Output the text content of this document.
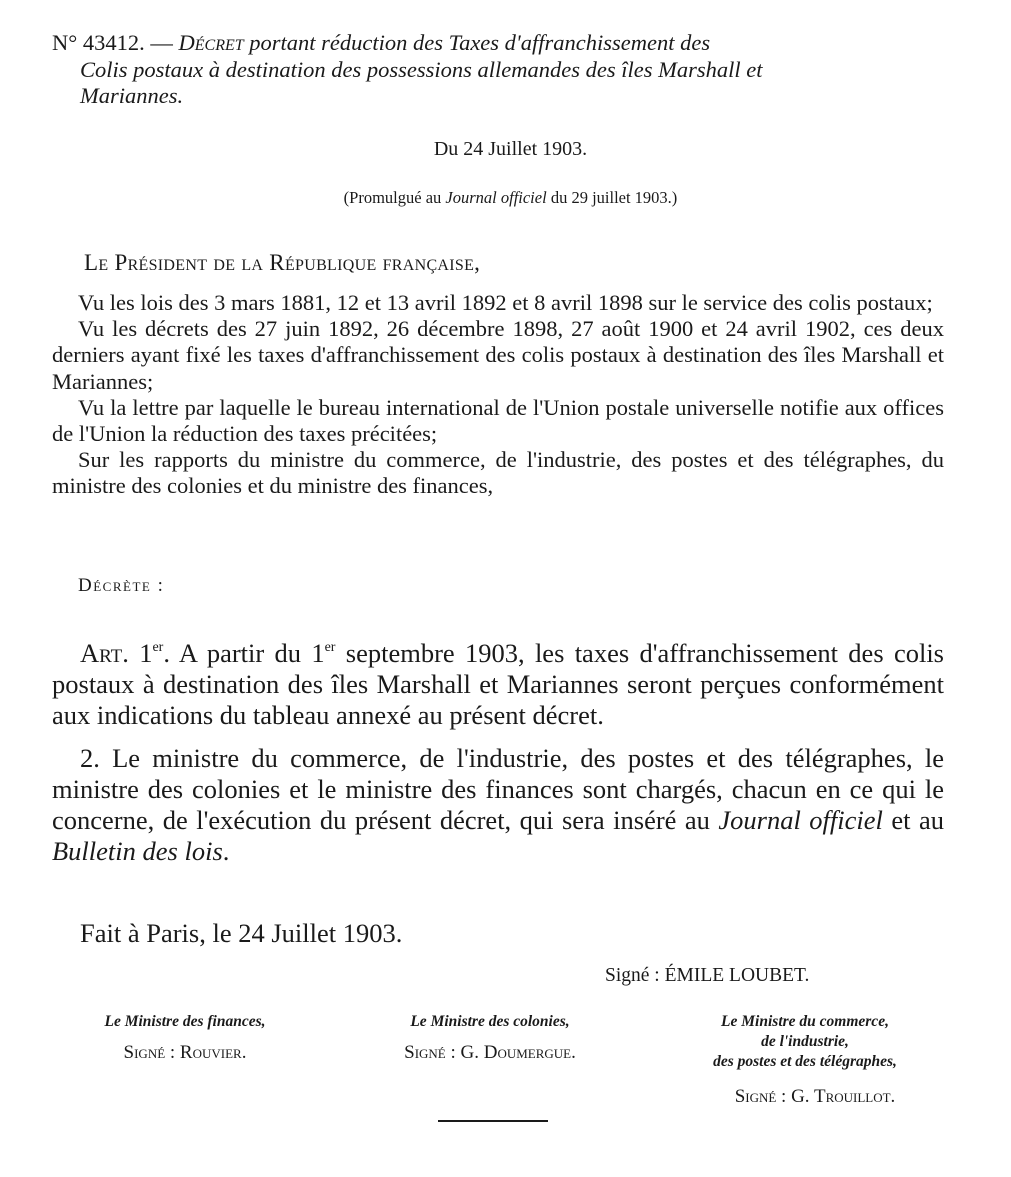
N° 43412. — Décret portant réduction des Taxes d'affranchissement des
Colis postaux à destination des possessions allemandes des îles Marshall et
Mariannes.
Du 24 Juillet 1903.
(Promulgué au Journal officiel du 29 juillet 1903.)
Le Président de la République française,

Vu les lois des 3 mars 1881, 12 et 13 avril 1892 et 8 avril 1898 sur le service des colis postaux;

Vu les décrets des 27 juin 1892, 26 décembre 1898, 27 août 1900 et 24 avril 1902, ces deux derniers ayant fixé les taxes d'affranchissement des colis postaux à destination des îles Marshall et Mariannes;

Vu la lettre par laquelle le bureau international de l'Union postale universelle notifie aux offices de l'Union la réduction des taxes précitées;

Sur les rapports du ministre du commerce, de l'industrie, des postes et des télégraphes, du ministre des colonies et du ministre des finances,

Décrète :

Art. 1er. A partir du 1er septembre 1903, les taxes d'affranchissement des colis postaux à destination des îles Marshall et Mariannes seront perçues conformément aux indications du tableau annexé au présent décret.

2. Le ministre du commerce, de l'industrie, des postes et des télégraphes, le ministre des colonies et le ministre des finances sont chargés, chacun en ce qui le concerne, de l'exécution du présent décret, qui sera inséré au Journal officiel et au Bulletin des lois.

Fait à Paris, le 24 Juillet 1903.
Signé : ÉMILE LOUBET.
Le Ministre des finances,
Signé : Rouvier.
Le Ministre des colonies,
Signé : G. Doumergue.
Le Ministre du commerce,
de l'industrie,
des postes et des télégraphes,
Signé : G. Trouillot.
